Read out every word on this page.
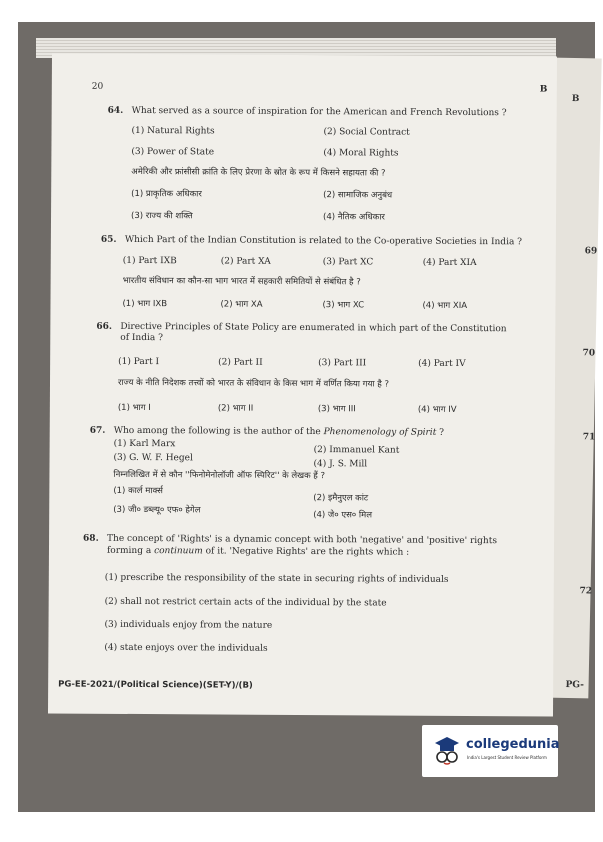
B
69
70
71
72
PG-
20	B
64. What served as a source of inspiration for the American and French Revolutions ?
(1) Natural Rights	(2) Social Contract
(3) Power of State	(4) Moral Rights
अमेरिकी और फ्रांसीसी क्रांति के लिए प्रेरणा के स्रोत के रूप में किसने सहायता की ?
(1) प्राकृतिक अधिकार	(2) सामाजिक अनुबंध
(3) राज्य की शक्ति	(4) नैतिक अधिकार
65. Which Part of the Indian Constitution is related to the Co-operative Societies in India ?
(1) Part IXB	(2) Part XA	(3) Part XC	(4) Part XIA
भारतीय संविधान का कौन-सा भाग भारत में सहकारी समितियों से संबंधित है ?
(1) भाग IXB	(2) भाग XA	(3) भाग XC	(4) भाग XIA
66. Directive Principles of State Policy are enumerated in which part of the Constitution
of India ?
(1) Part I	(2) Part II	(3) Part III	(4) Part IV
राज्य के नीति निदेशक तत्त्वों को भारत के संविधान के किस भाग में वर्णित किया गया है ?
(1) भाग I	(2) भाग II	(3) भाग III	(4) भाग IV
67. Who among the following is the author of the Phenomenology of Spirit ?
(1) Karl Marx
(2) Immanuel Kant
(3) G. W. F. Hegel
(4) J. S. Mill
निम्नलिखित में से कौन ''फिनोमेनोलॉजी ऑफ स्पिरिट'' के लेखक हैं ?
(1) कार्ल मार्क्स
(2) इमैनुएल कांट
(3) जी० डब्ल्यू० एफ० हेगेल	(4) जे० एस० मिल
68. The concept of 'Rights' is a dynamic concept with both 'negative' and 'positive' rights
forming a continuum of it. 'Negative Rights' are the rights which :
(1) prescribe the responsibility of the state in securing rights of individuals
(2) shall not restrict certain acts of the individual by the state
(3) individuals enjoy from the nature
(4) state enjoys over the individuals
PG-EE-2021/(Political Science)(SET-Y)/(B)
collegedunia
India's Largest Student Review Platform
